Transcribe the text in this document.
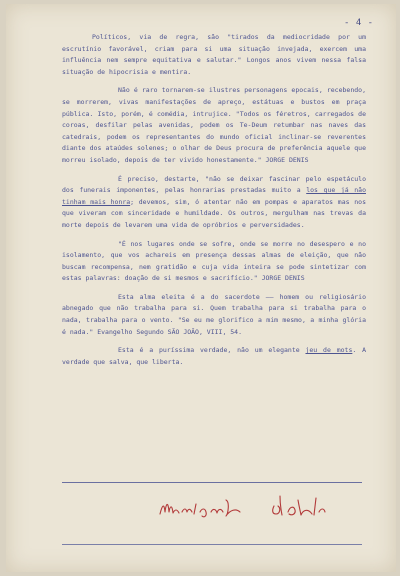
- 4 -

Políticos, via de regra, são "tirados da mediocridade por um escrutínio favorável, criam para si uma situação invejada, exercem uma influência nem sempre equitativa e salutar." Longos anos vivem nessa falsa situação de hipocrisia e mentira.

Não é raro tornarem-se ilustres personagens epocais, recebendo, se morrerem, vivas manifestações de apreço, estátuas e bustos em praça pública. Isto, porém, é comédia, intrujice. "Todos os féretros, carregados de coroas, desfilar pelas avenidas, podem os Te-Deum retumbar nas naves das catedrais, podem os representantes do mundo oficial inclinar-se reverentes diante dos ataúdes solenes; o olhar de Deus procura de preferência aquele que morreu isolado, depois de ter vivido honestamente." JORGE DENIS

É preciso, destarte, "não se deixar fascinar pelo espetáculo dos funerais imponentes, pelas honrarias prestadas muito a los que já não tinham mais honra; devemos, sim, ó atentar não em pompas e aparatos mas nos que viveram com sinceridade e humildade. Os outros, mergulham nas trevas da morte depois de levarem uma vida de opróbrios e perversidades.

"É nos lugares onde se sofre, onde se morre no desespero e no isolamento, que vos achareis em presença dessas almas de eleição, que não buscam recompensa, nem gratidão e cuja vida inteira se pode sintetizar com estas palavras: doação de si mesmos e sacrifício." JORGE DENIS

Esta alma eleita é a do sacerdote —— homem ou religiosário abnegado que não trabalha para si. Quem trabalha para si trabalha para o nada, trabalha para o vento. "Se eu me glorifico a mim mesmo, a minha glória é nada." Evangelho Segundo SÃO JOÃO, VIII, 54.

Esta é a puríssima verdade, não um elegante jeu de mots. A verdade que salva, que liberta.
